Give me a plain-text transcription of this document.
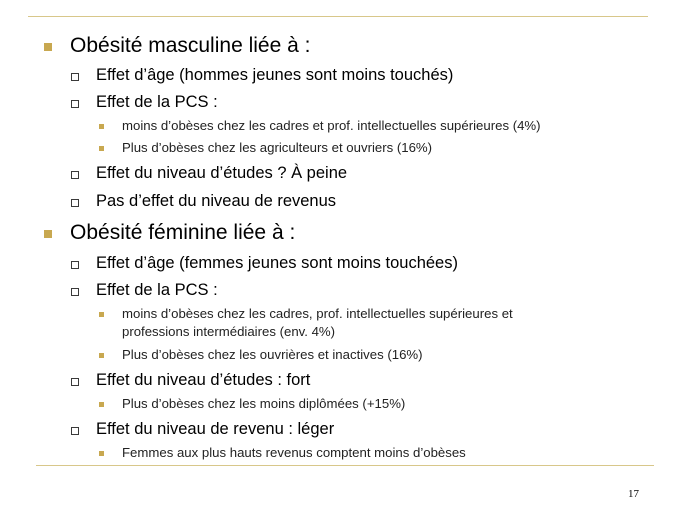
Obésité masculine liée à :
Effet d’âge (hommes jeunes sont moins touchés)
Effet de la PCS :
moins d’obèses chez les cadres et prof. intellectuelles supérieures (4%)
Plus d’obèses chez les agriculteurs et ouvriers (16%)
Effet du niveau d’études ? À peine
Pas d’effet du niveau de revenus
Obésité féminine liée à :
Effet d’âge (femmes jeunes sont moins touchées)
Effet de la PCS :
moins d’obèses chez les cadres, prof. intellectuelles supérieures et
professions intermédiaires (env. 4%)
Plus d’obèses chez les ouvrières et inactives (16%)
Effet du niveau d’études : fort
Plus d’obèses chez les moins diplômées (+15%)
Effet du niveau de revenu : léger
Femmes aux plus hauts revenus comptent moins d’obèses
17
